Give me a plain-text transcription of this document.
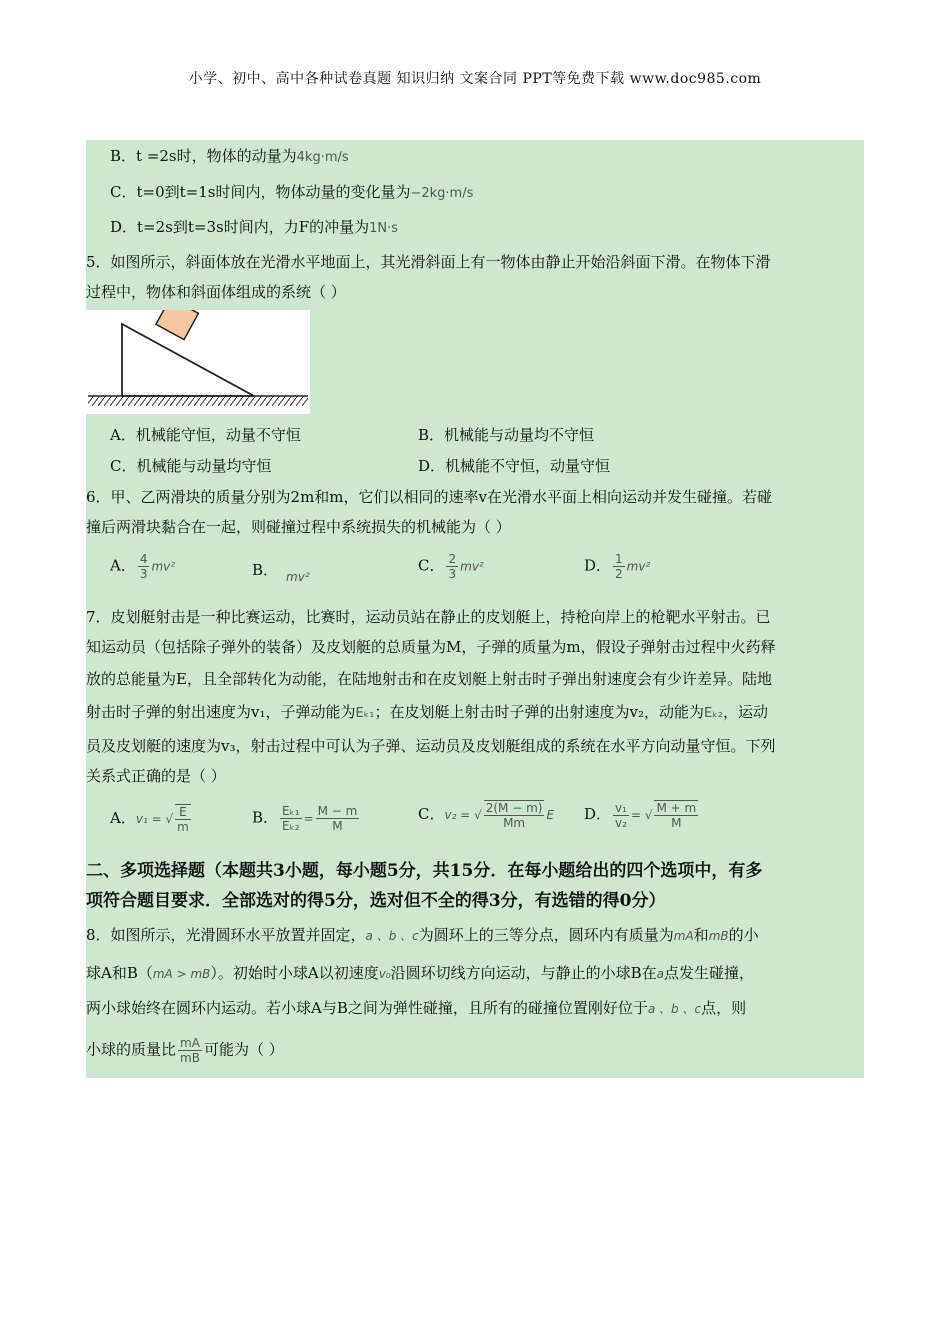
小学、初中、高中各种试卷真题 知识归纳 文案合同 PPT等免费下载 www.doc985.com
B．t =2s时，物体的动量为4kg·m/s
C．t=0到t=1s时间内，物体动量的变化量为−2kg·m/s
D．t=2s到t=3s时间内，力F的冲量为1N·s
5．如图所示，斜面体放在光滑水平地面上，其光滑斜面上有一物体由静止开始沿斜面下滑。在物体下滑
过程中，物体和斜面体组成的系统（ ）
A．机械能守恒，动量不守恒	B．机械能与动量均不守恒
C．机械能与动量均守恒	D．机械能不守恒，动量守恒
6．甲、乙两滑块的质量分别为2m和m，它们以相同的速率v在光滑水平面上相向运动并发生碰撞。若碰
撞后两滑块黏合在一起，则碰撞过程中系统损失的机械能为（ ）
A． $\frac{4}{3} mv^2$	B． $_{mv^2}$
C． $\frac{2}{3} mv^2$	D． $\frac{1}{2} mv^2$
7．皮划艇射击是一种比赛运动，比赛时，运动员站在静止的皮划艇上，持枪向岸上的枪靶水平射击。已
知运动员（包括除子弹外的装备）及皮划艇的总质量为M，子弹的质量为m，假设子弹射击过程中火药释
放的总能量为E，且全部转化为动能，在陆地射击和在皮划艇上射击时子弹出射速度会有少许差异。陆地
射击时子弹的射出速度为v₁，子弹动能为Eₖ₁；在皮划艇上射击时子弹的出射速度为v₂，动能为Eₖ₂，运动
员及皮划艇的速度为v₃，射击过程中可认为子弹、运动员及皮划艇组成的系统在水平方向动量守恒。下列
关系式正确的是（ ）
A．v₁ = √ $\frac{E}{m}$	B． $\frac{\text{Eₖ₁}}{\text{Eₖ₂}} = \frac{M - m}{M}$	C．v₂ = √ $\frac{2(M - m)}{Mm}$ E D． $\frac{\text{v₁}}{\text{v₂}}$ = √ $\frac{M + m}{M}$
二、多项选择题（本题共3小题，每小题5分，共15分．在每小题给出的四个选项中，有多
项符合题目要求．全部选对的得5分，选对但不全的得3分，有选错的得0分）
8．如图所示，光滑圆环水平放置并固定，a 、b 、c为圆环上的三等分点，圆环内有质量为mA和mB的小
球A和B（mA > mB）。初始时小球A以初速度v₀沿圆环切线方向运动，与静止的小球B在a点发生碰撞，
两小球始终在圆环内运动。若小球A与B之间为弹性碰撞，且所有的碰撞位置刚好位于a 、b 、c点，则
小球的质量比 $\frac{mA}{mB}$ 可能为（ ）
